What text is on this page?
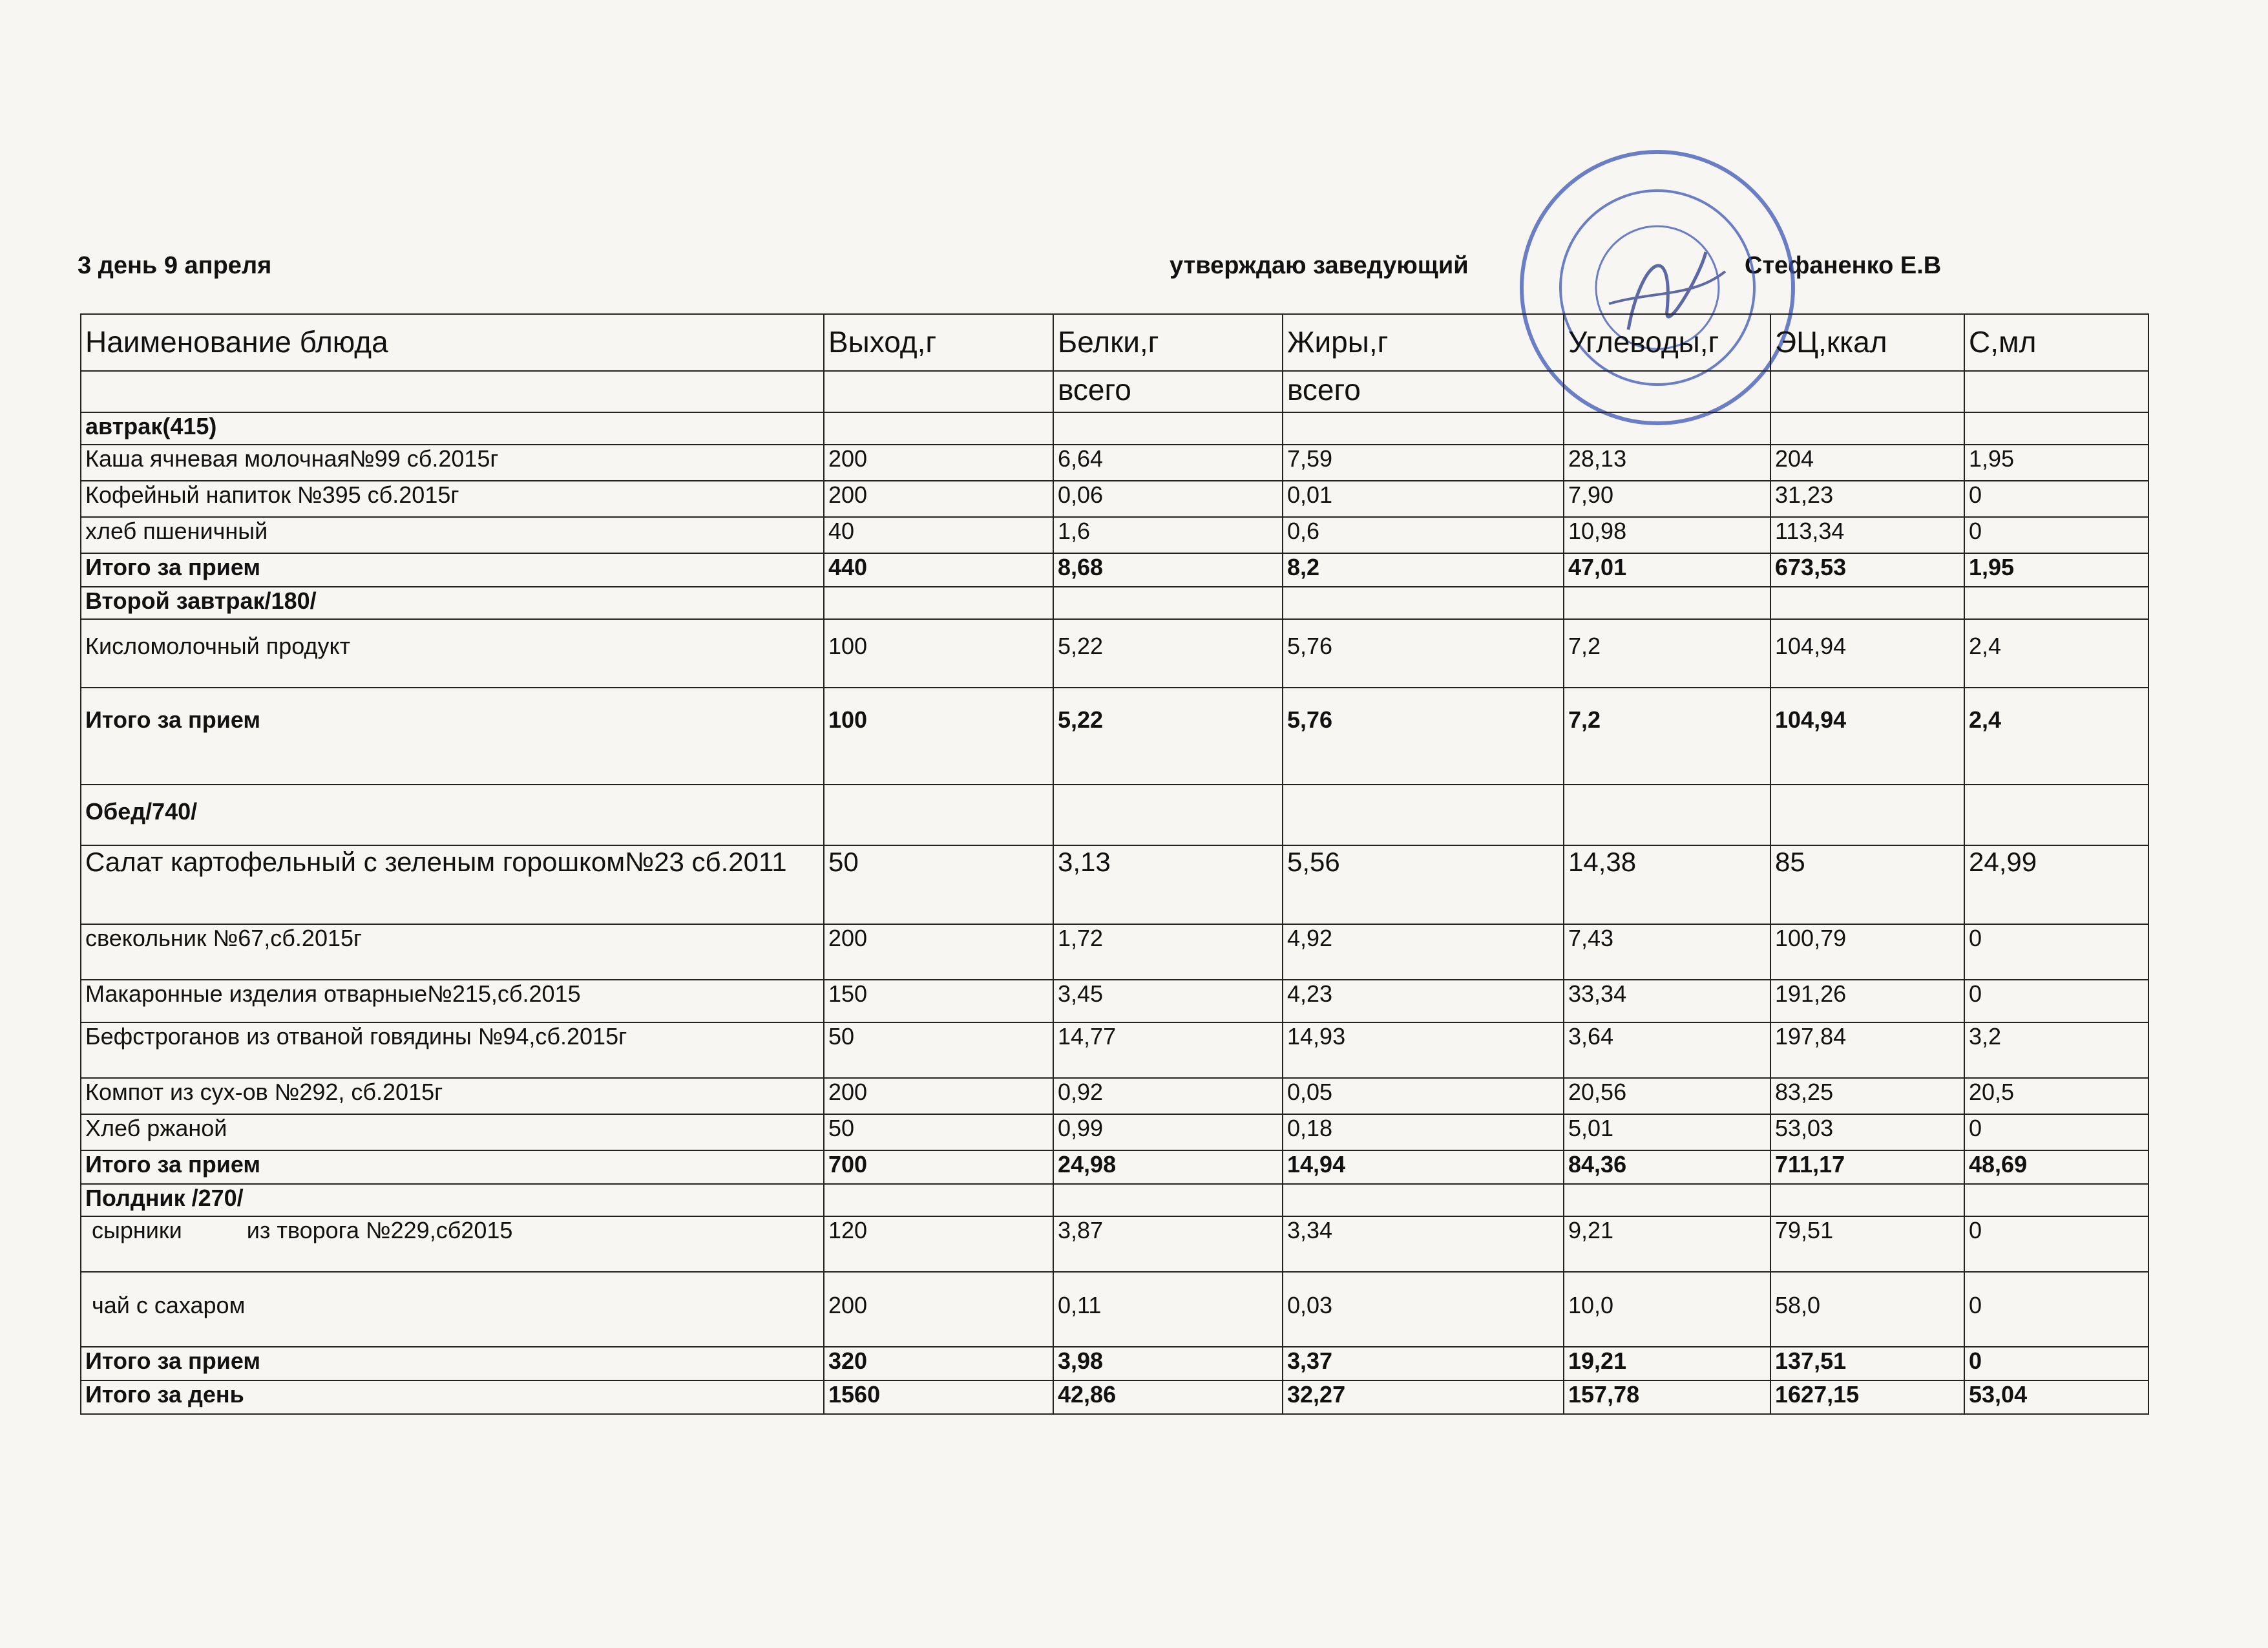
3 день 9 апреля	утверждаю заведующий	Стефаненко Е.В
Наименование блюда	Выход,г	Белки,г	Жиры,г	Углеводы,г	ЭЦ,ккал	С,мл
		всего	всего			
автрак(415)						
Каша ячневая молочная№99 сб.2015г	200	6,64	7,59	28,13	204	1,95
Кофейный напиток №395 сб.2015г	200	0,06	0,01	7,90	31,23	0
хлеб пшеничный	40	1,6	0,6	10,98	113,34	0
Итого за прием	440	8,68	8,2	47,01	673,53	1,95
Второй завтрак/180/						
Кисломолочный продукт	100	5,22	5,76	7,2	104,94	2,4
Итого за прием	100	5,22	5,76	7,2	104,94	2,4
Обед/740/						
Салат картофельный с зеленым горошком№23 сб.2011	50	3,13	5,56	14,38	85	24,99
свекольник №67,сб.2015г	200	1,72	4,92	7,43	100,79	0
Макаронные изделия отварные№215,сб.2015	150	3,45	4,23	33,34	191,26	0
Бефстроганов из отваной говядины №94,сб.2015г	50	14,77	14,93	3,64	197,84	3,2
Компот из сух-ов №292, сб.2015г	200	0,92	0,05	20,56	83,25	20,5
Хлеб ржаной	50	0,99	0,18	5,01	53,03	0
Итого за прием	700	24,98	14,94	84,36	711,17	48,69
Полдник /270/						
сырники          из творога №229,сб2015	120	3,87	3,34	9,21	79,51	0
чай с сахаром	200	0,11	0,03	10,0	58,0	0
Итого за прием	320	3,98	3,37	19,21	137,51	0
Итого за день	1560	42,86	32,27	157,78	1627,15	53,04
